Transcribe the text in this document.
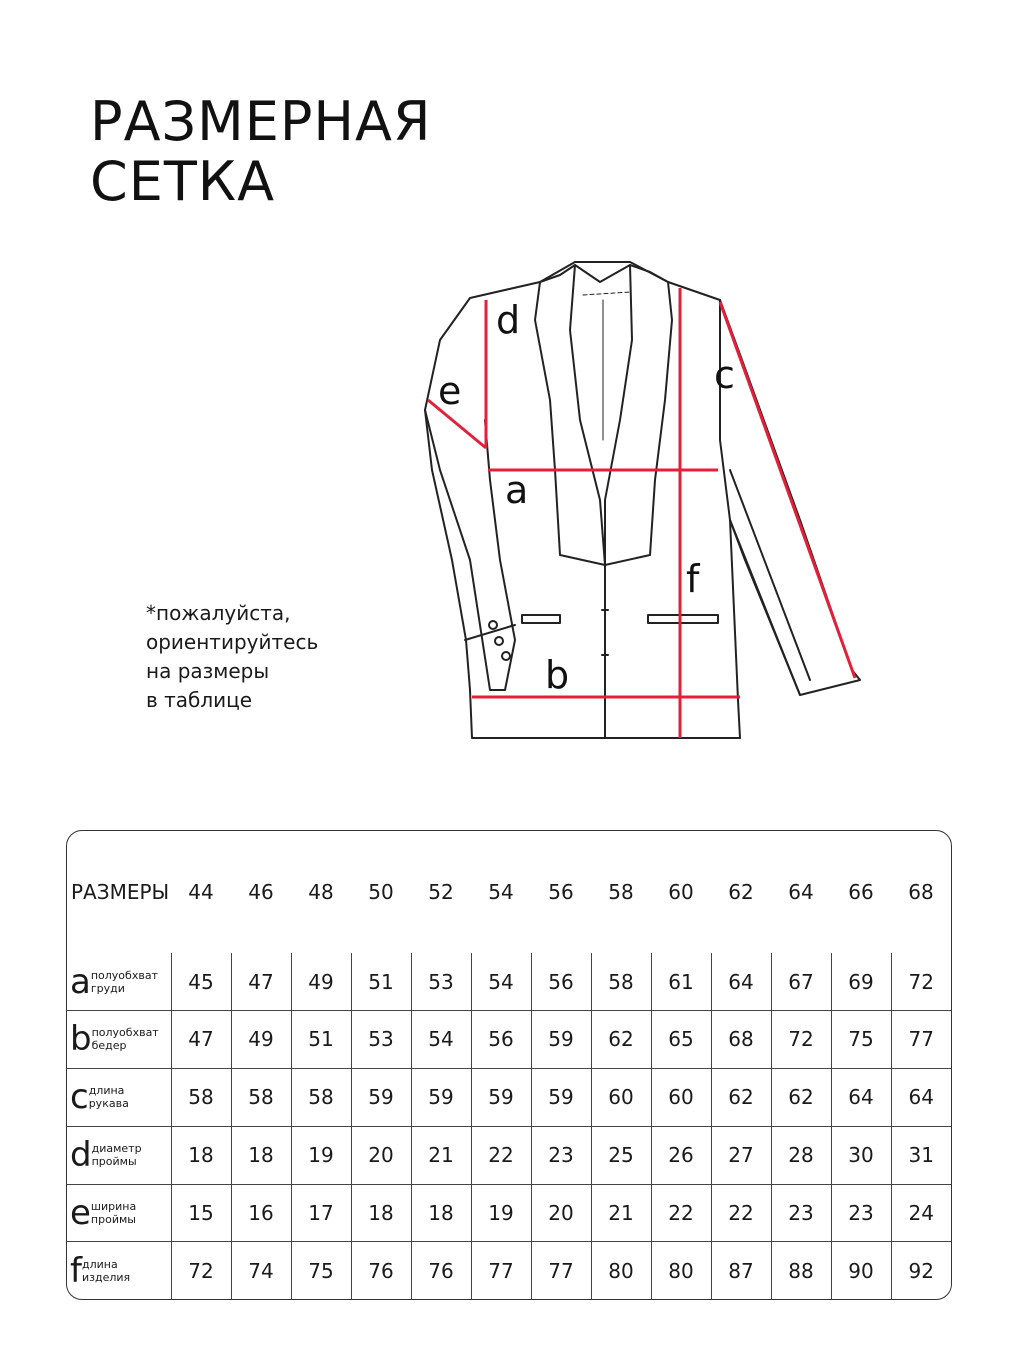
РАЗМЕРНАЯ
СЕТКА
*пожалуйста,
ориентируйтесь
на размеры
в таблице
a
b
c
d
e
f
РАЗМЕРЫ	44	46	48	50	52	54	56	58	60	62	64	66	68
a полуобхват
груди	45	47	49	51	53	54	56	58	61	64	67	69	72
b полуобхват
бедер	47	49	51	53	54	56	59	62	65	68	72	75	77
c длина
рукава	58	58	58	59	59	59	59	60	60	62	62	64	64
d диаметр
проймы	18	18	19	20	21	22	23	25	26	27	28	30	31
e ширина
проймы	15	16	17	18	18	19	20	21	22	22	23	23	24
f длина
изделия	72	74	75	76	76	77	77	80	80	87	88	90	92
